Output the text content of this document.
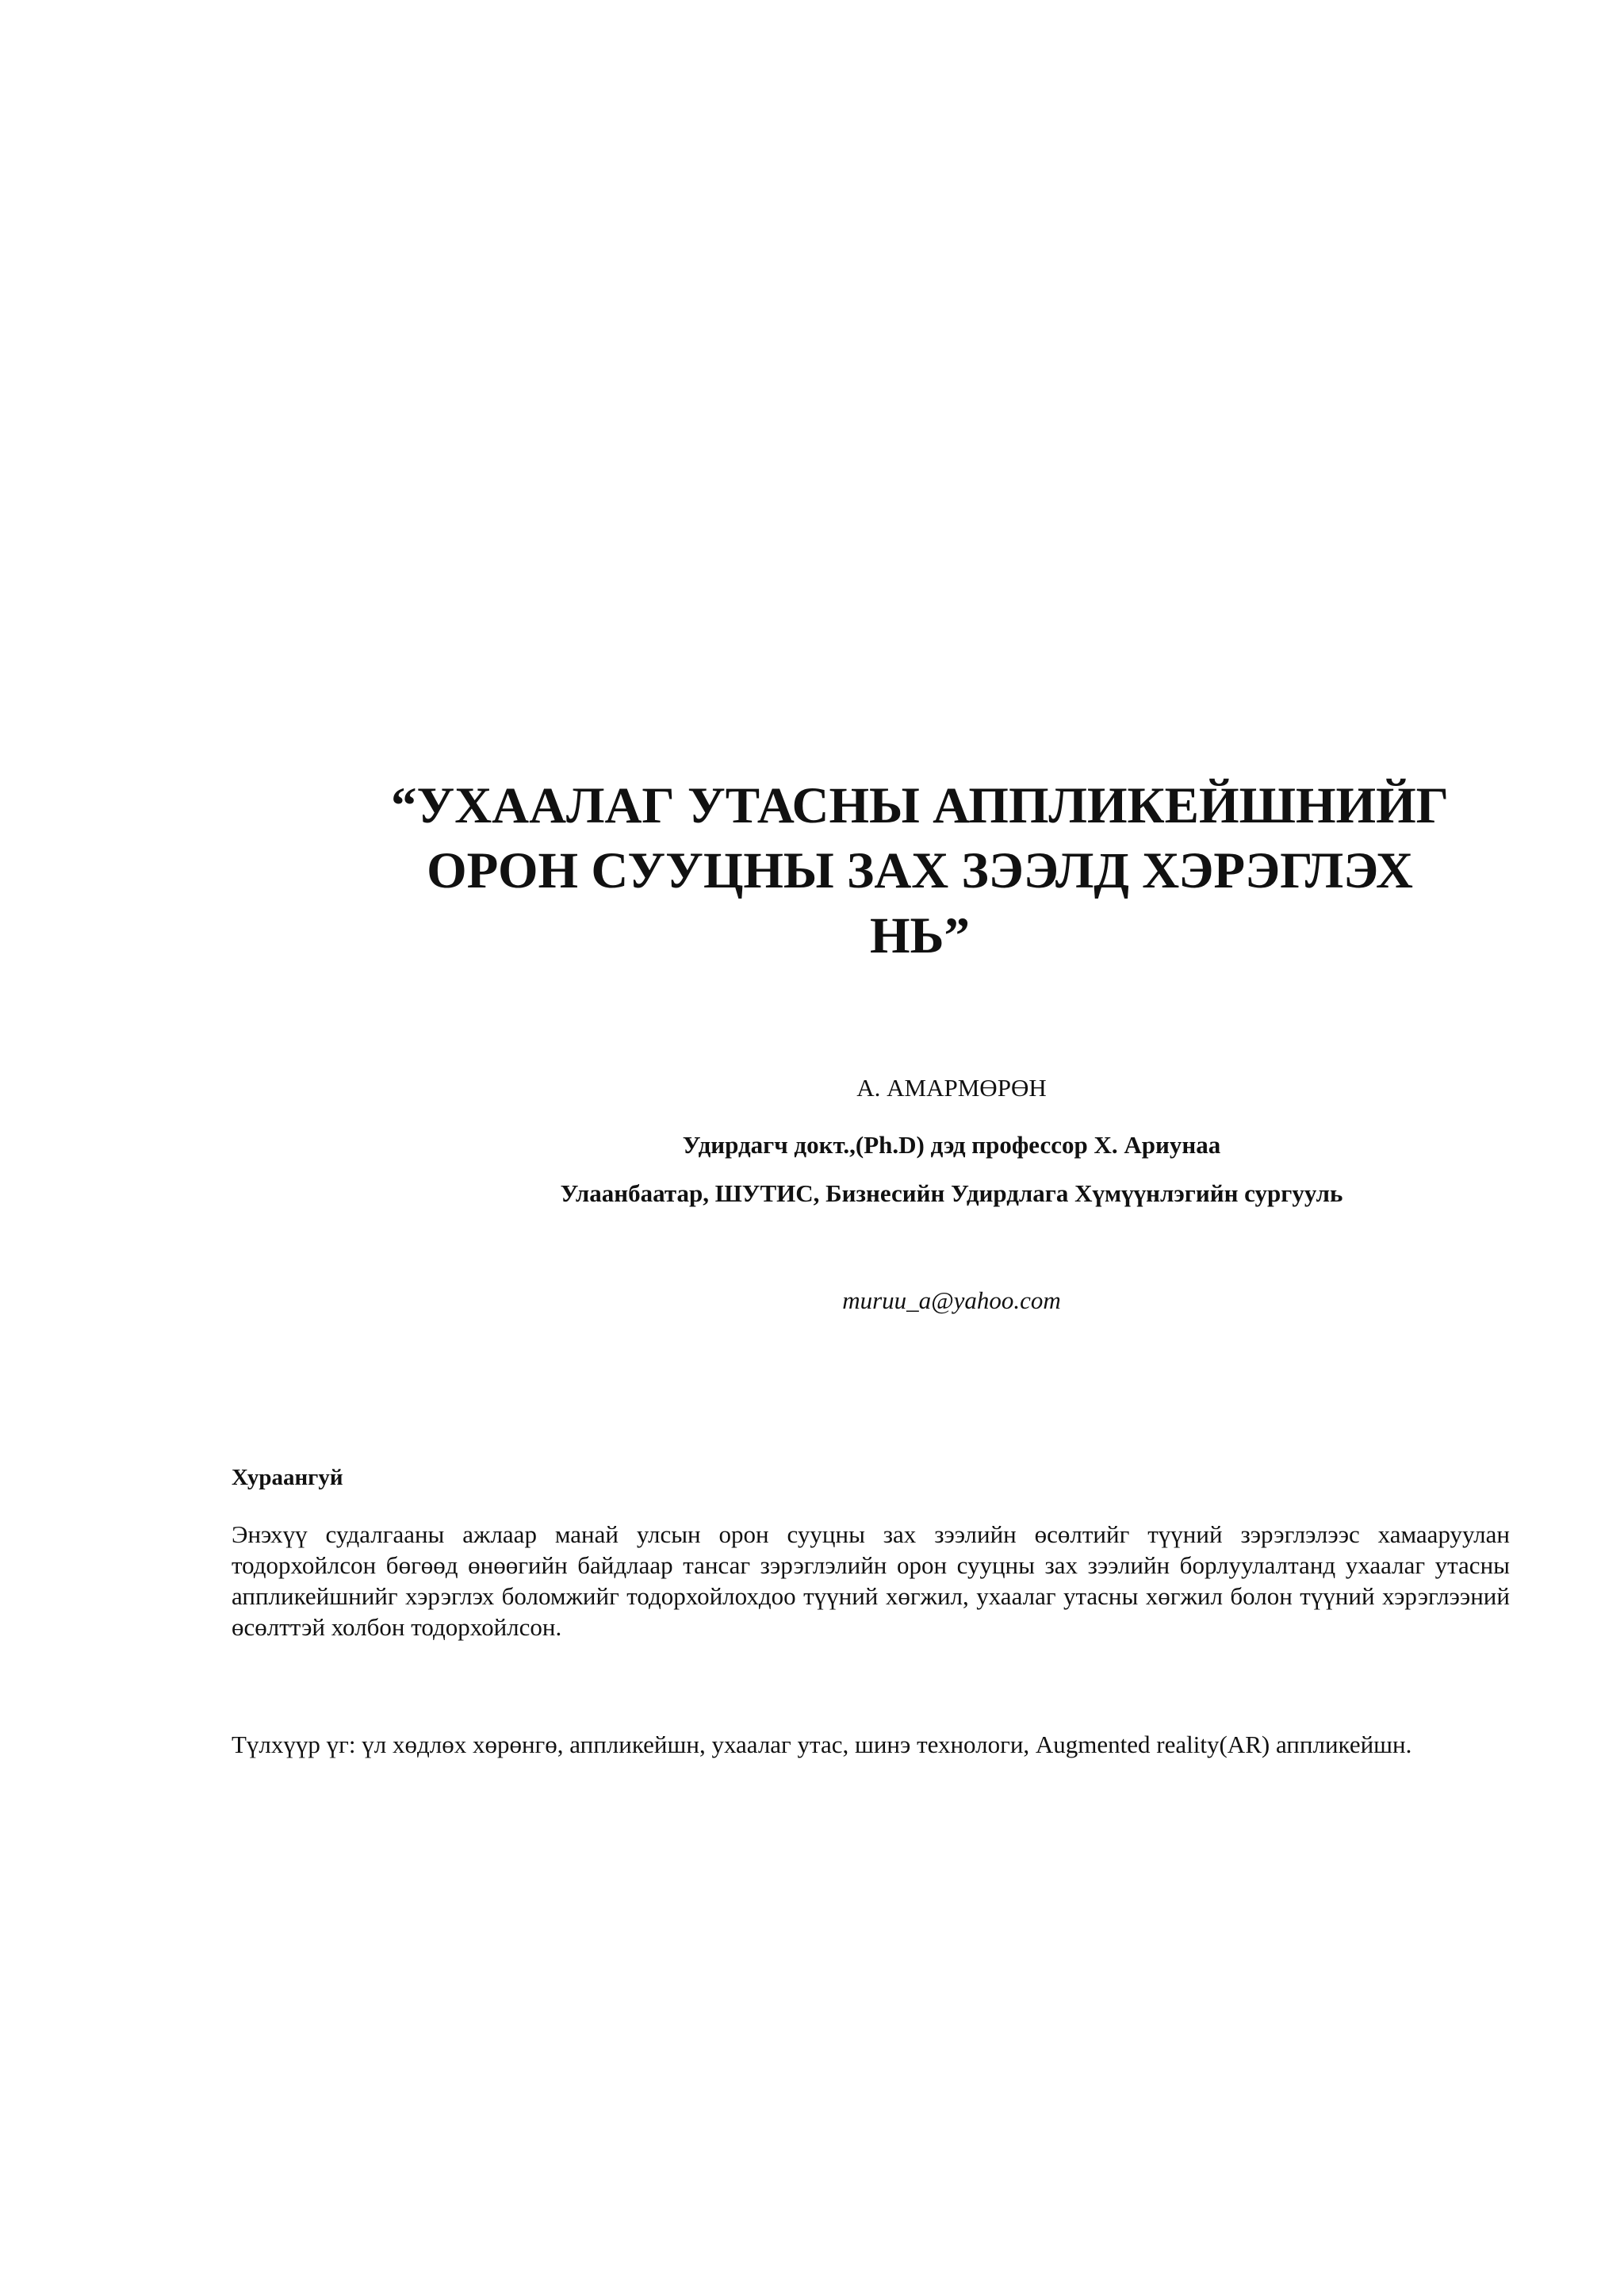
“УХААЛАГ УТАСНЫ АППЛИКЕЙШНИЙГ
ОРОН СУУЦНЫ ЗАХ ЗЭЭЛД ХЭРЭГЛЭХ
НЬ”
А. АМАРМӨРӨН
Удирдагч докт.,(Ph.D) дэд профессор Х. Ариунаа
Улаанбаатар, ШУТИС, Бизнесийн Удирдлага Хүмүүнлэгийн сургууль
muruu_a@yahoo.com
Хураангуй
Энэхүү судалгааны ажлаар манай улсын орон сууцны зах зээлийн өсөлтийг түүний зэрэглэлээс хамааруулан тодорхойлсон бөгөөд өнөөгийн байдлаар тансаг зэрэглэлийн орон сууцны зах зээлийн борлуулалтанд ухаалаг утасны аппликейшнийг хэрэглэх боломжийг тодорхойлохдоо түүний хөгжил, ухаалаг утасны хөгжил болон түүний хэрэглээний өсөлттэй холбон тодорхойлсон.
Түлхүүр үг: үл хөдлөх хөрөнгө, аппликейшн, ухаалаг утас, шинэ технологи, Augmented reality(AR) аппликейшн.
